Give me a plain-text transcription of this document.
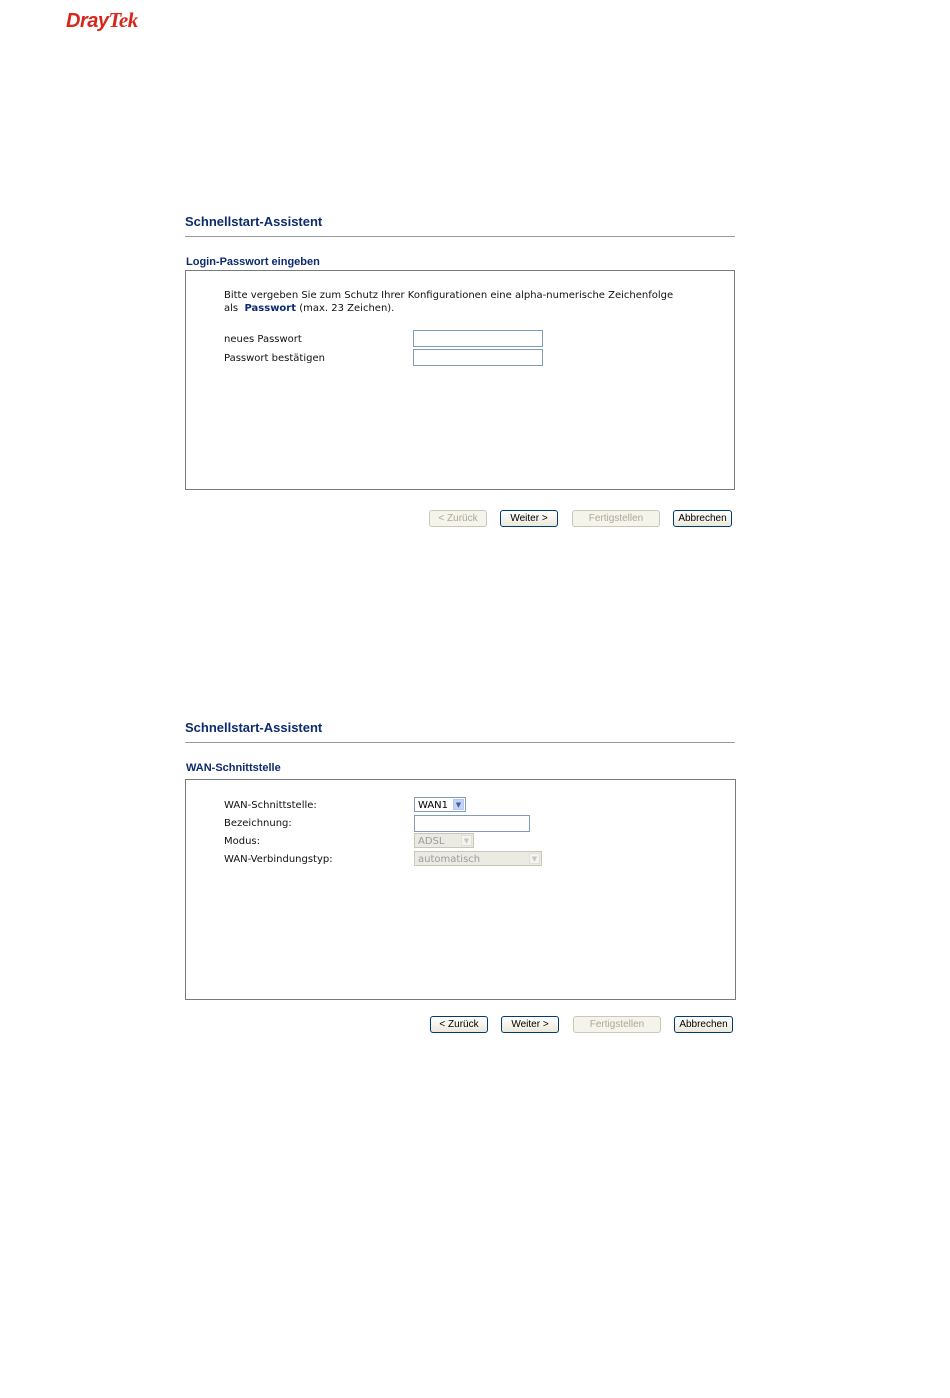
DrayTek
Schnellstart-Assistent
Login-Passwort eingeben
Bitte vergeben Sie zum Schutz Ihrer Konfigurationen eine alpha-numerische Zeichenfolge
als Passwort (max. 23 Zeichen).
neues Passwort
Passwort bestätigen
< Zurück	Weiter >	Fertigstellen	Abbrechen
Schnellstart-Assistent
WAN-Schnittstelle
WAN-Schnittstelle:	WAN1	▼
Bezeichnung:
Modus:	ADSL	▼
WAN-Verbindungstyp:	automatisch	▼
< Zurück	Weiter >	Fertigstellen	Abbrechen
